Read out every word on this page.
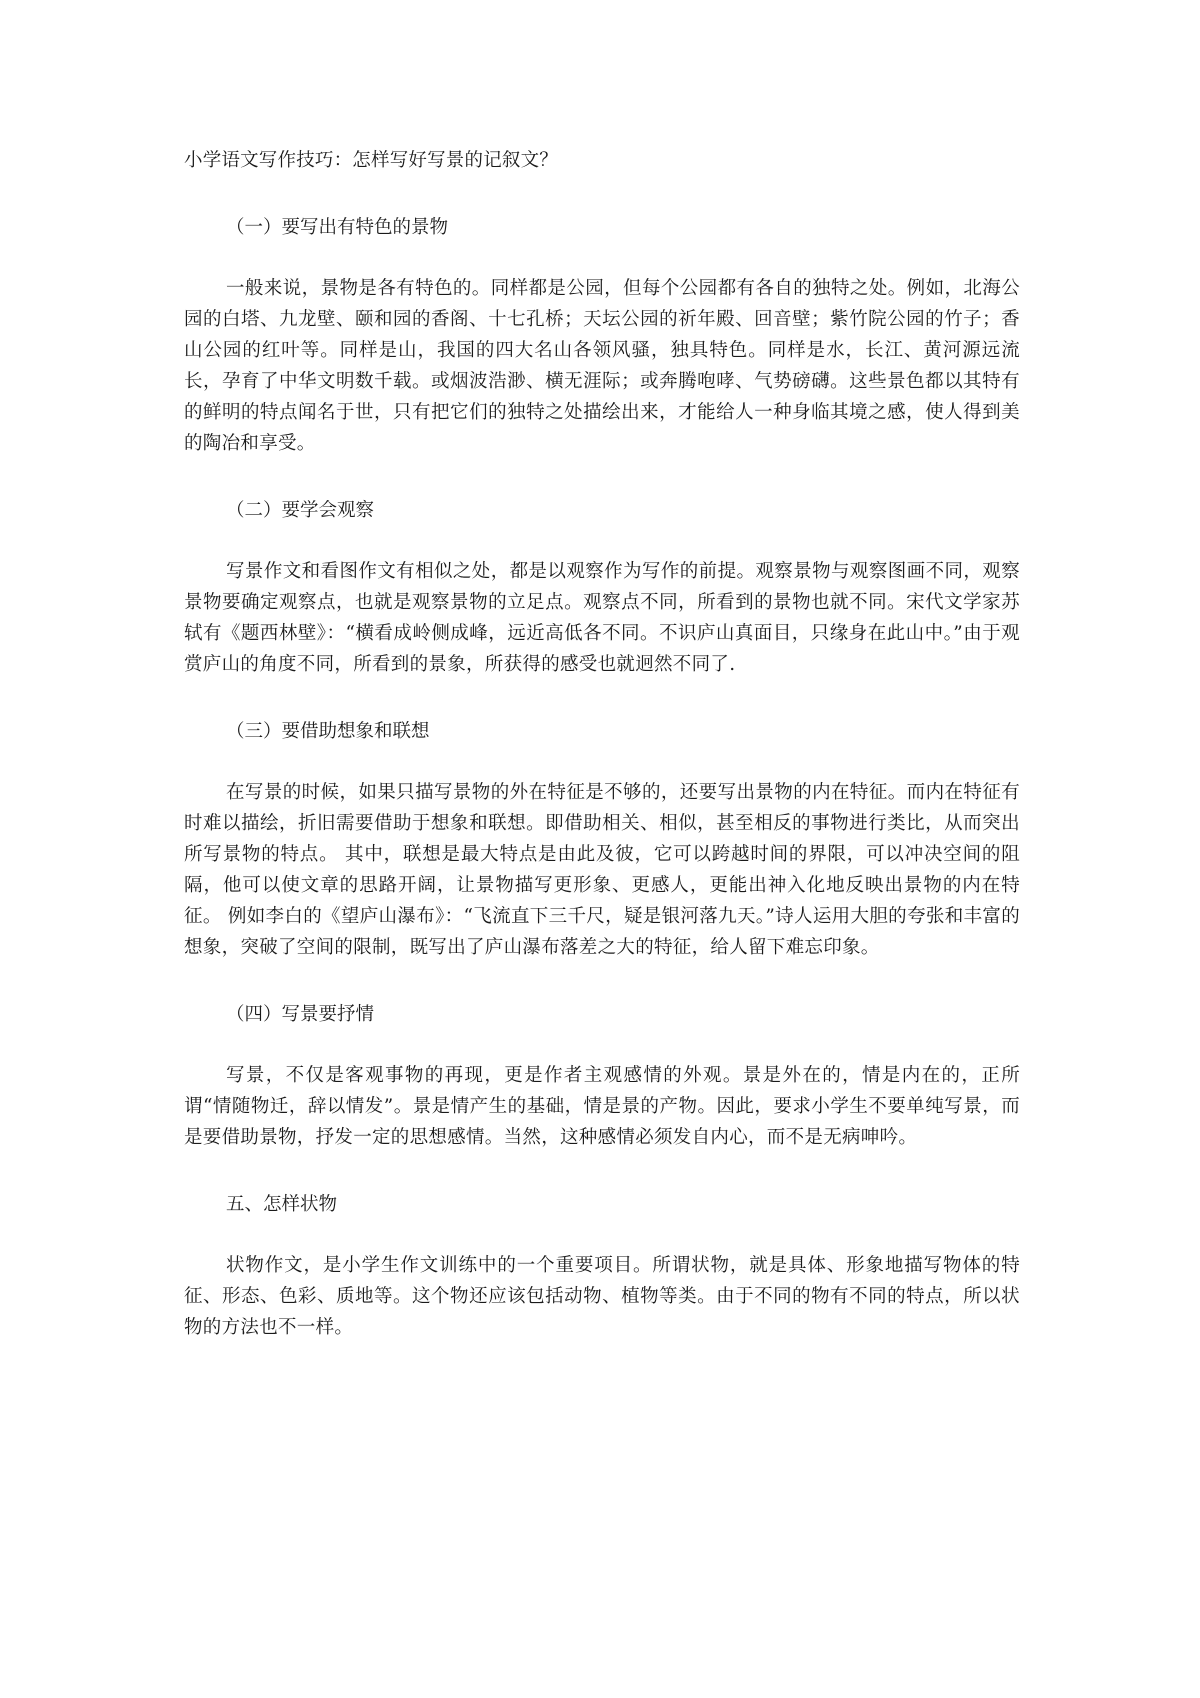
小学语文写作技巧：怎样写好写景的记叙文？

（一）要写出有特色的景物

一般来说，景物是各有特色的。同样都是公园，但每个公园都有各自的独特之处。例如，北海公园的白塔、九龙壁、颐和园的香阁、十七孔桥；天坛公园的祈年殿、回音壁；紫竹院公园的竹子；香山公园的红叶等。同样是山，我国的四大名山各领风骚，独具特色。同样是水，长江、黄河源远流长，孕育了中华文明数千载。或烟波浩渺、横无涯际；或奔腾咆哮、气势磅礴。这些景色都以其特有的鲜明的特点闻名于世，只有把它们的独特之处描绘出来，才能给人一种身临其境之感，使人得到美的陶冶和享受。

（二）要学会观察

写景作文和看图作文有相似之处，都是以观察作为写作的前提。观察景物与观察图画不同，观察景物要确定观察点，也就是观察景物的立足点。观察点不同，所看到的景物也就不同。宋代文学家苏轼有《题西林壁》：“横看成岭侧成峰，远近高低各不同。不识庐山真面目，只缘身在此山中。”由于观赏庐山的角度不同，所看到的景象，所获得的感受也就迥然不同了.

（三）要借助想象和联想

在写景的时候，如果只描写景物的外在特征是不够的，还要写出景物的内在特征。而内在特征有时难以描绘，折旧需要借助于想象和联想。即借助相关、相似，甚至相反的事物进行类比，从而突出所写景物的特点。 其中，联想是最大特点是由此及彼，它可以跨越时间的界限，可以冲决空间的阻隔，他可以使文章的思路开阔，让景物描写更形象、更感人，更能出神入化地反映出景物的内在特征。 例如李白的《望庐山瀑布》：“飞流直下三千尺，疑是银河落九天。”诗人运用大胆的夸张和丰富的想象，突破了空间的限制，既写出了庐山瀑布落差之大的特征，给人留下难忘印象。

（四）写景要抒情

写景，不仅是客观事物的再现，更是作者主观感情的外观。景是外在的，情是内在的，正所谓“情随物迁，辞以情发”。景是情产生的基础，情是景的产物。因此，要求小学生不要单纯写景，而是要借助景物，抒发一定的思想感情。当然，这种感情必须发自内心，而不是无病呻吟。

五、怎样状物

状物作文，是小学生作文训练中的一个重要项目。所谓状物，就是具体、形象地描写物体的特征、形态、色彩、质地等。这个物还应该包括动物、植物等类。由于不同的物有不同的特点，所以状物的方法也不一样。
